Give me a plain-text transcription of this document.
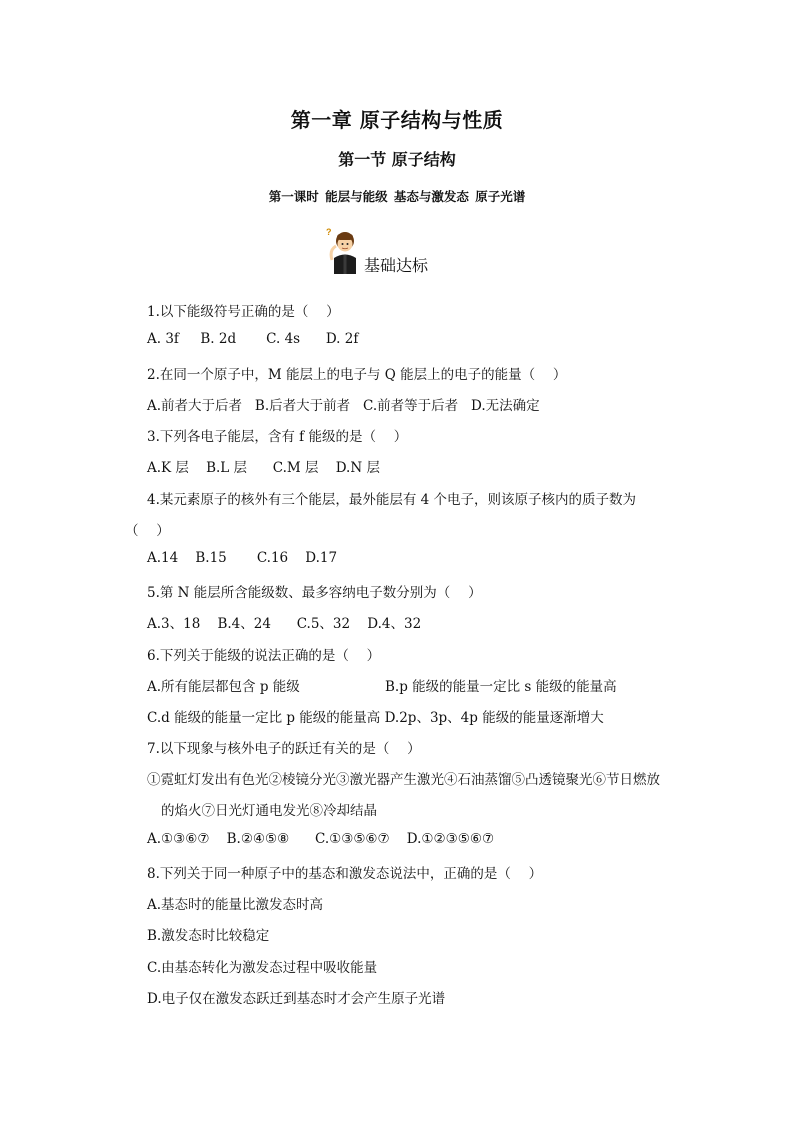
第一章 原子结构与性质
第一节 原子结构
第一课时 能层与能级 基态与激发态 原子光谱
?
基础达标
1.以下能级符号正确的是（　 ）
A. 3f     B. 2d       C. 4s      D. 2f
2.在同一个原子中，M 能层上的电子与 Q 能层上的电子的能量（　 ）
A.前者大于后者   B.后者大于前者   C.前者等于后者   D.无法确定
3.下列各电子能层，含有 f 能级的是（　 ）
A.K 层    B.L 层      C.M 层    D.N 层
4.某元素原子的核外有三个能层，最外能层有 4 个电子，则该原子核内的质子数为
（　 ）
A.14    B.15       C.16    D.17
5.第 N 能层所含能级数、最多容纳电子数分别为（　 ）
A.3、18    B.4、24      C.5、32    D.4、32
6.下列关于能级的说法正确的是（　 ）
A.所有能层都包含 p 能级	B.p 能级的能量一定比 s 能级的能量高
C.d 能级的能量一定比 p 能级的能量高 D.2p、3p、4p 能级的能量逐渐增大
7.以下现象与核外电子的跃迁有关的是（　 ）
①霓虹灯发出有色光②棱镜分光③激光器产生激光④石油蒸馏⑤凸透镜聚光⑥节日燃放
的焰火⑦日光灯通电发光⑧冷却结晶
A.①③⑥⑦    B.②④⑤⑧      C.①③⑤⑥⑦    D.①②③⑤⑥⑦
8.下列关于同一种原子中的基态和激发态说法中，正确的是（　 ）
A.基态时的能量比激发态时高
B.激发态时比较稳定
C.由基态转化为激发态过程中吸收能量
D.电子仅在激发态跃迁到基态时才会产生原子光谱
